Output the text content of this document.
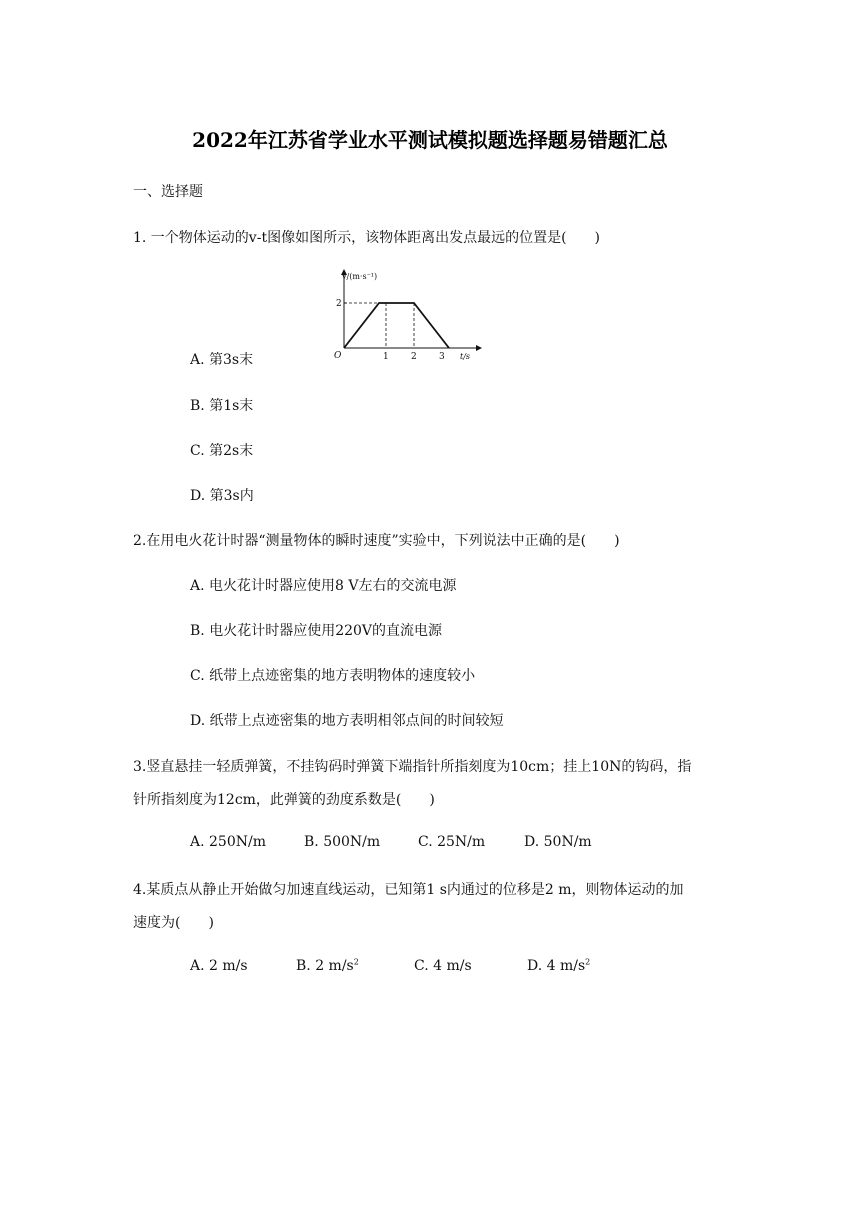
2022年江苏省学业水平测试模拟题选择题易错题汇总
一、选择题
1. 一个物体运动的v-t图像如图所示，该物体距离出发点最远的位置是(　　)
v/(m·s⁻¹)
2
O	1 2 3 t/s
A. 第3s末
B. 第1s末
C. 第2s末
D. 第3s内
2.在用电火花计时器“测量物体的瞬时速度”实验中，下列说法中正确的是(　　)
A. 电火花计时器应使用8 V左右的交流电源
B. 电火花计时器应使用220V的直流电源
C. 纸带上点迹密集的地方表明物体的速度较小
D. 纸带上点迹密集的地方表明相邻点间的时间较短
3.竖直悬挂一轻质弹簧，不挂钩码时弹簧下端指针所指刻度为10cm；挂上10N的钩码，指
针所指刻度为12cm，此弹簧的劲度系数是(　　)
A. 250N/m	B. 500N/m	C. 25N/m	D. 50N/m
4.某质点从静止开始做匀加速直线运动，已知第1 s内通过的位移是2 m，则物体运动的加
速度为(　　)
A. 2 m/s	B. 2 $m/s^2$	C. 4 m/s	D. 4 $m/s^2$
